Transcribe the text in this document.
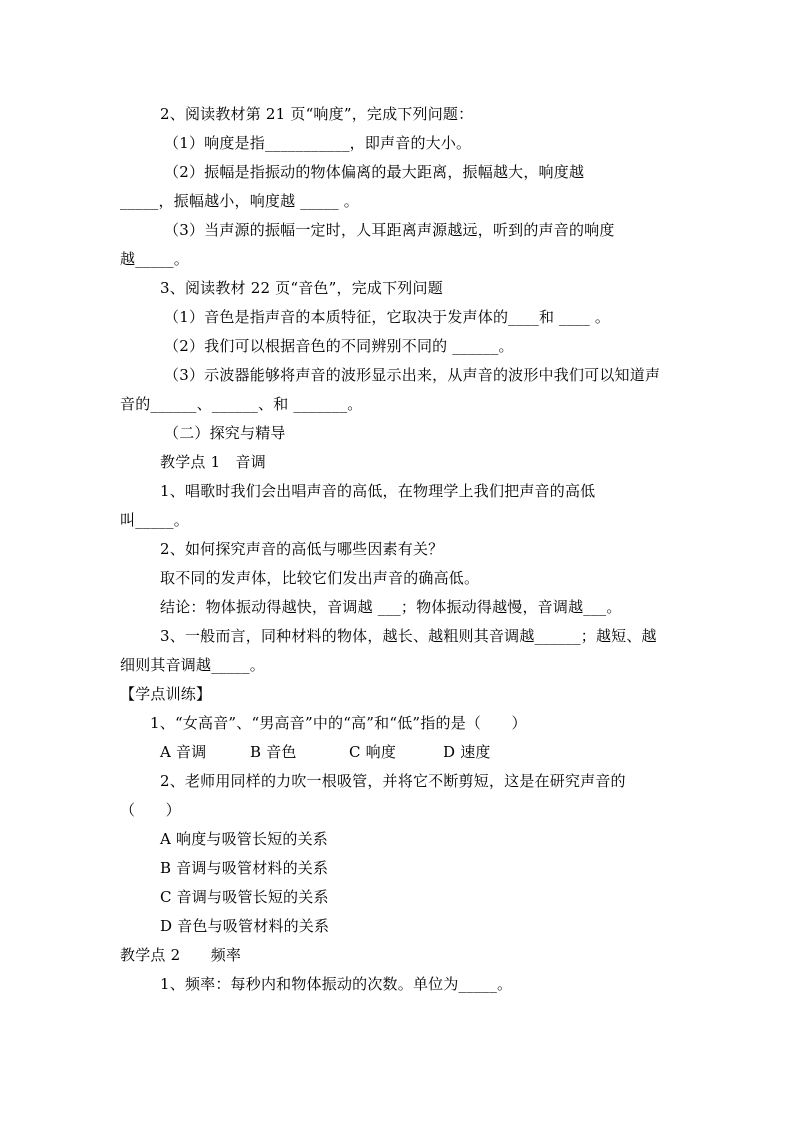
2、阅读教材第 21 页“响度”，完成下列问题：
（1）响度是指___________，即声音的大小。
（2）振幅是指振动的物体偏离的最大距离，振幅越大，响度越
_____，振幅越小，响度越 _____ 。
（3）当声源的振幅一定时，人耳距离声源越远，听到的声音的响度
越_____。
3、阅读教材 22 页“音色”，完成下列问题
（1）音色是指声音的本质特征，它取决于发声体的____和 ____ 。
（2）我们可以根据音色的不同辨别不同的 ______。
（3）示波器能够将声音的波形显示出来，从声音的波形中我们可以知道声
音的______、______、和 _______。
（二）探究与精导
教学点 1　音调
1、唱歌时我们会出唱声音的高低，在物理学上我们把声音的高低
叫_____。
2、如何探究声音的高低与哪些因素有关？
取不同的发声体，比较它们发出声音的确高低。
结论：物体振动得越快，音调越 ___；物体振动得越慢，音调越___。
3、一般而言，同种材料的物体，越长、越粗则其音调越______；越短、越
细则其音调越_____。
【学点训练】
1、“女高音”、“男高音”中的“高”和“低”指的是（　　）
A 音调	B 音色	C 响度	D 速度
2、老师用同样的力吹一根吸管，并将它不断剪短，这是在研究声音的
（　　）
A 响度与吸管长短的关系
B 音调与吸管材料的关系
C 音调与吸管长短的关系
D 音色与吸管材料的关系
教学点 2　　频率
1、频率：每秒内和物体振动的次数。单位为_____。
